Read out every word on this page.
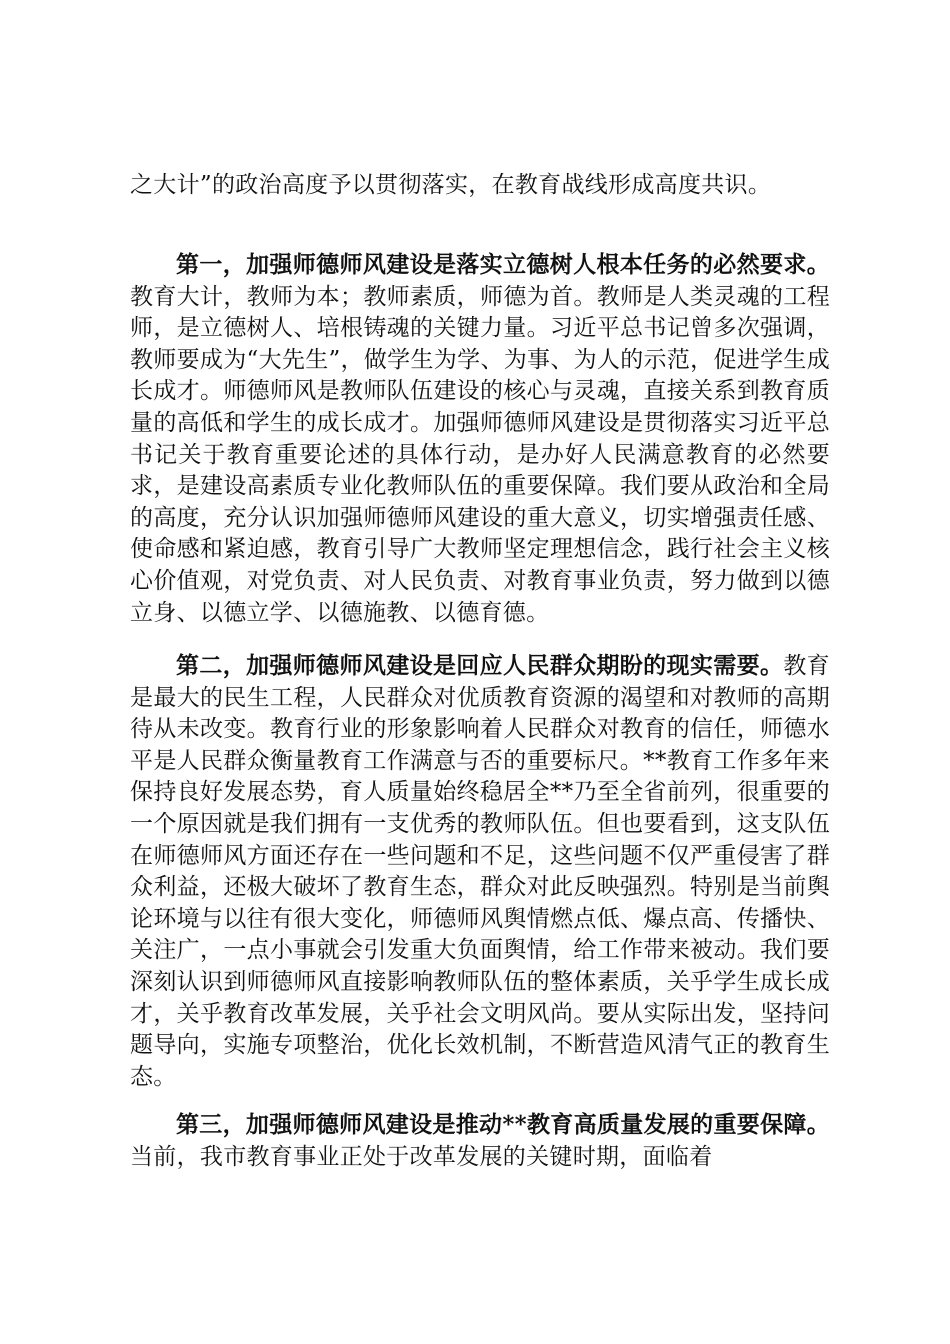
之大计”的政治高度予以贯彻落实，在教育战线形成高度共识。

第一，加强师德师风建设是落实立德树人根本任务的必然要求。教育大计，教师为本；教师素质，师德为首。教师是人类灵魂的工程师，是立德树人、培根铸魂的关键力量。习近平总书记曾多次强调，教师要成为“大先生”，做学生为学、为事、为人的示范，促进学生成长成才。师德师风是教师队伍建设的核心与灵魂，直接关系到教育质量的高低和学生的成长成才。加强师德师风建设是贯彻落实习近平总书记关于教育重要论述的具体行动，是办好人民满意教育的必然要求，是建设高素质专业化教师队伍的重要保障。我们要从政治和全局的高度，充分认识加强师德师风建设的重大意义，切实增强责任感、使命感和紧迫感，教育引导广大教师坚定理想信念，践行社会主义核心价值观，对党负责、对人民负责、对教育事业负责，努力做到以德立身、以德立学、以德施教、以德育德。

第二，加强师德师风建设是回应人民群众期盼的现实需要。教育是最大的民生工程，人民群众对优质教育资源的渴望和对教师的高期待从未改变。教育行业的形象影响着人民群众对教育的信任，师德水平是人民群众衡量教育工作满意与否的重要标尺。**教育工作多年来保持良好发展态势，育人质量始终稳居全**乃至全省前列，很重要的一个原因就是我们拥有一支优秀的教师队伍。但也要看到，这支队伍在师德师风方面还存在一些问题和不足，这些问题不仅严重侵害了群众利益，还极大破坏了教育生态，群众对此反映强烈。特别是当前舆论环境与以往有很大变化，师德师风舆情燃点低、爆点高、传播快、关注广，一点小事就会引发重大负面舆情，给工作带来被动。我们要深刻认识到师德师风直接影响教师队伍的整体素质，关乎学生成长成才，关乎教育改革发展，关乎社会文明风尚。要从实际出发，坚持问题导向，实施专项整治，优化长效机制，不断营造风清气正的教育生态。

第三，加强师德师风建设是推动**教育高质量发展的重要保障。当前，我市教育事业正处于改革发展的关键时期，面临着
